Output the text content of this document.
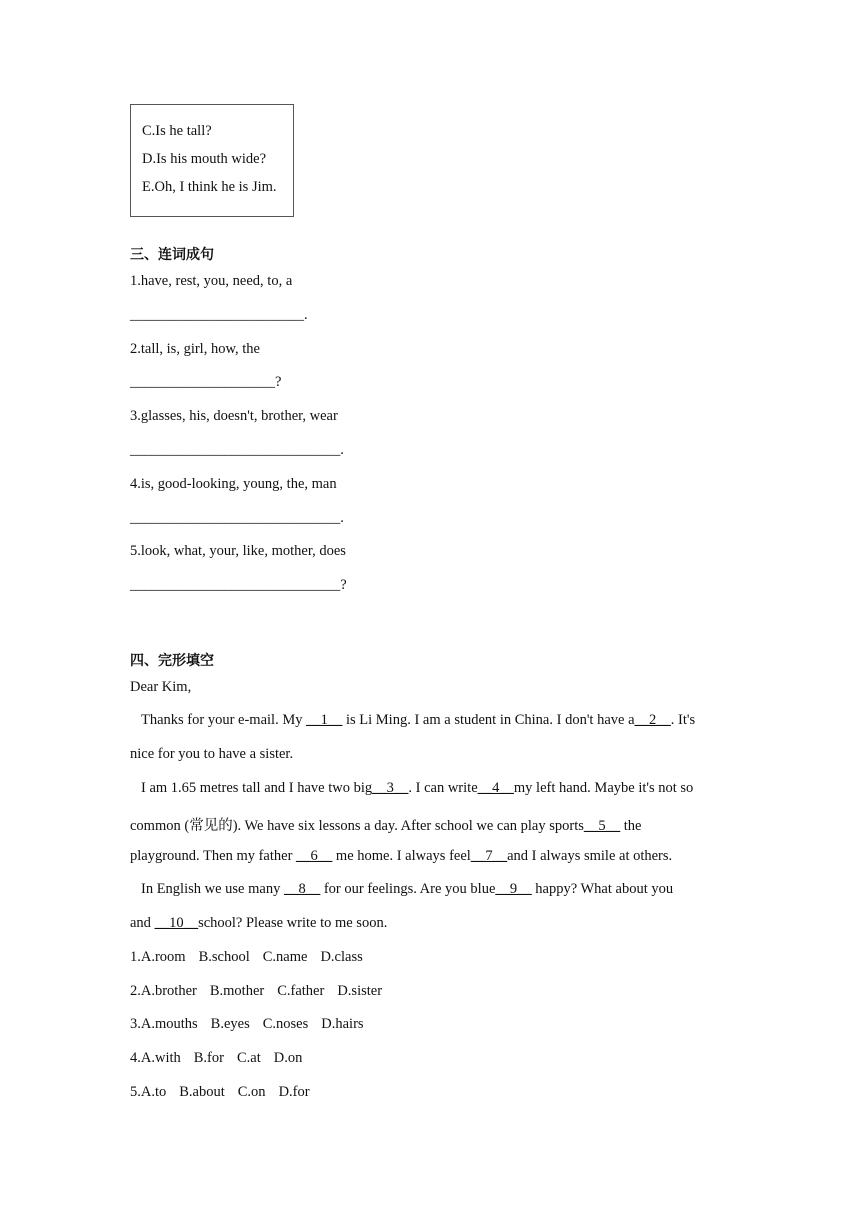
C.Is he tall?
D.Is his mouth wide?
E.Oh, I think he is Jim.
三、连词成句
1.have, rest, you, need, to, a
________________________.
2.tall, is, girl, how, the
____________________?
3.glasses, his, doesn't, brother, wear
_____________________________.
4.is, good-looking, young, the, man
_____________________________.
5.look, what, your, like, mother, does
_____________________________?
四、完形填空
Dear Kim,
Thanks for your e-mail. My __1__ is Li Ming. I am a student in China. I don't have a__2__. It's
nice for you to have a sister.
I am 1.65 metres tall and I have two big__3__. I can write__4__my left hand. Maybe it's not so
common (常见的). We have six lessons a day. After school we can play sports__5__ the
playground. Then my father __6__ me home. I always feel__7__and I always smile at others.
In English we use many __8__ for our feelings. Are you blue__9__ happy? What about you
and __10__school? Please write to me soon.
1.A.room B.school C.name D.class
2.A.brother B.mother C.father D.sister
3.A.mouths B.eyes C.noses D.hairs
4.A.with B.for C.at D.on
5.A.to B.about C.on D.for
